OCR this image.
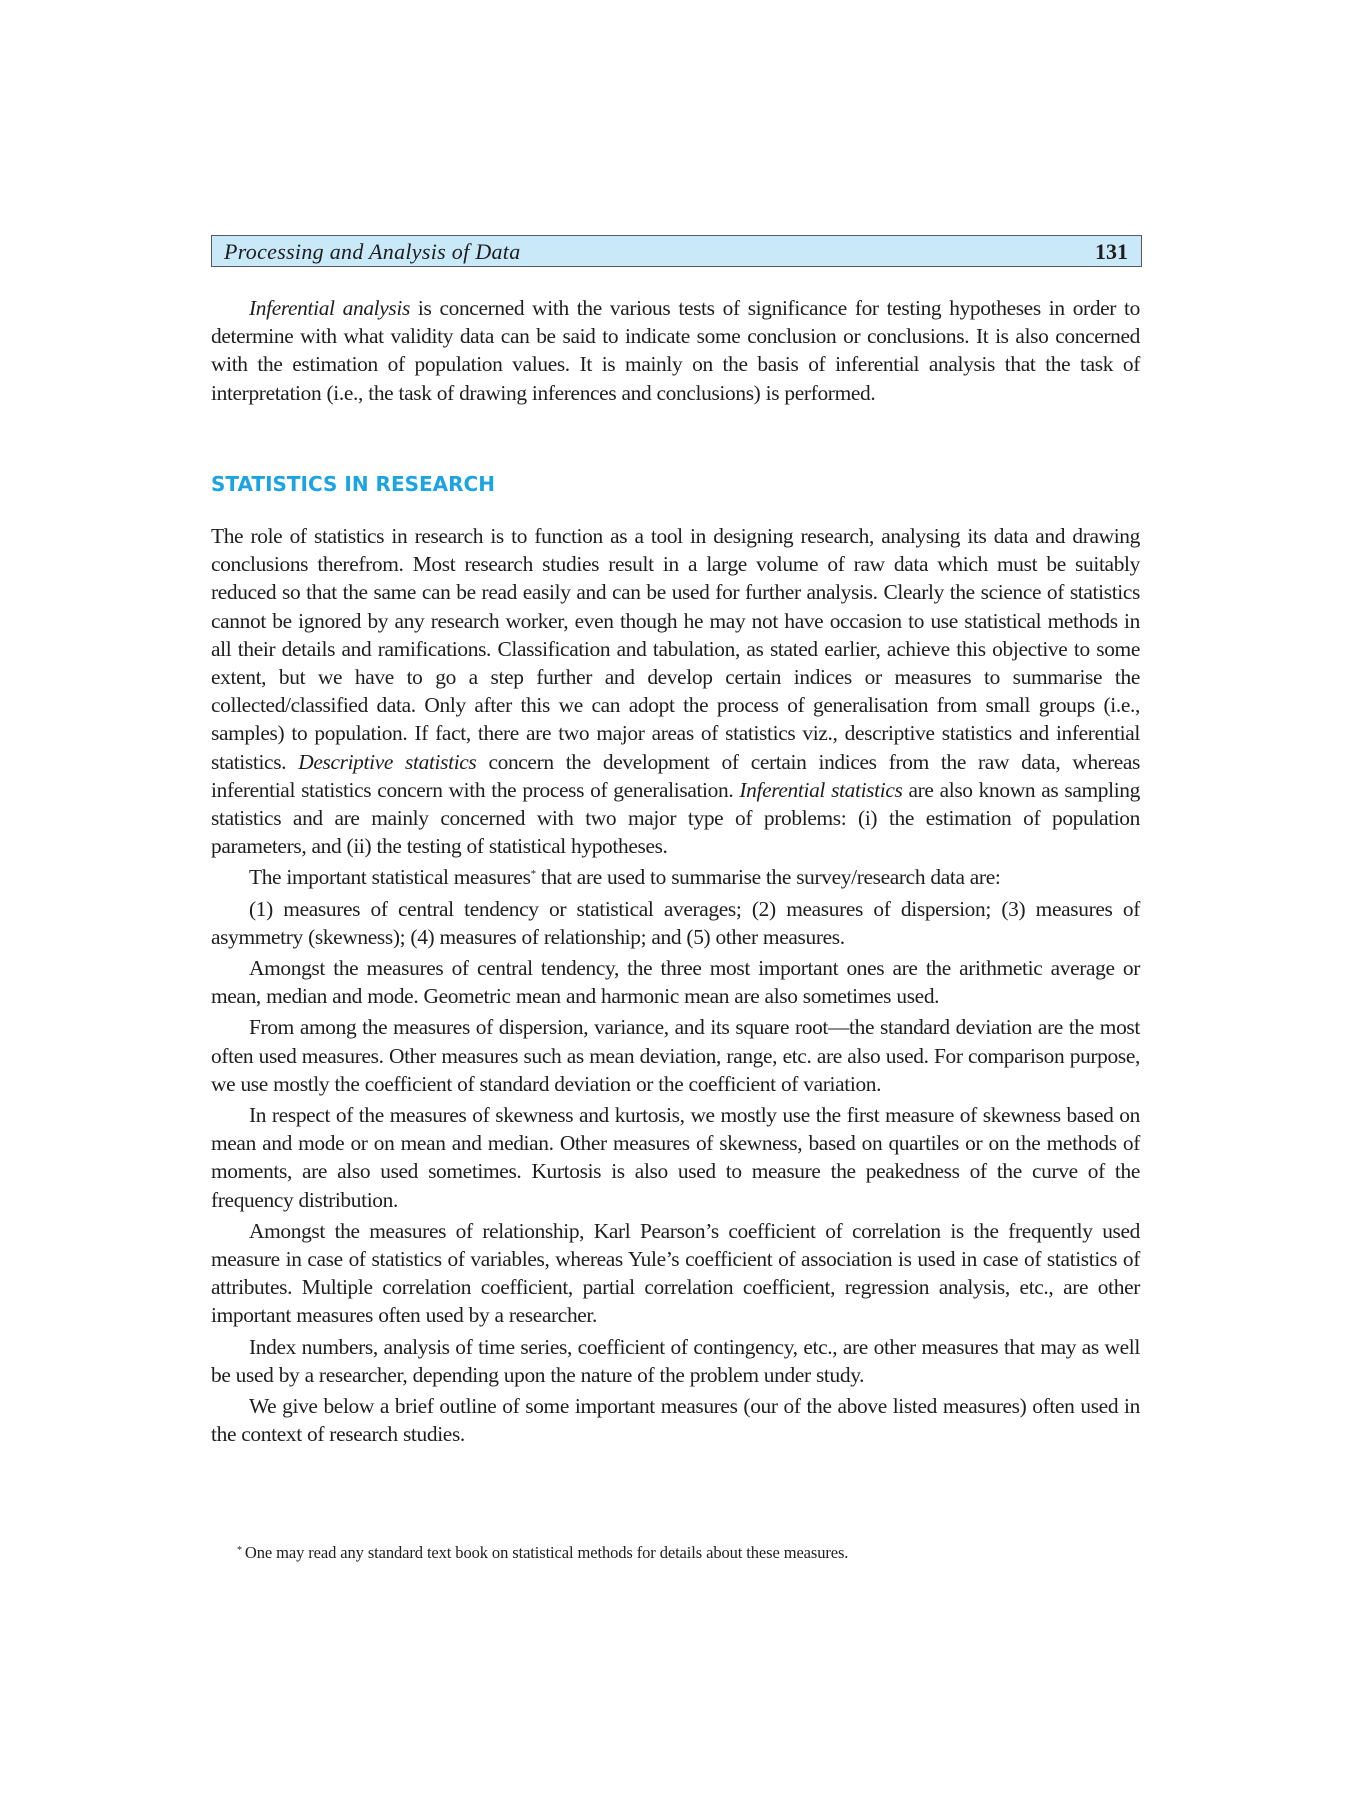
Processing and Analysis of Data	131

Inferential analysis is concerned with the various tests of significance for testing hypotheses in order to determine with what validity data can be said to indicate some conclusion or conclusions. It is also concerned with the estimation of population values. It is mainly on the basis of inferential analysis that the task of interpretation (i.e., the task of drawing inferences and conclusions) is performed.

STATISTICS IN RESEARCH

The role of statistics in research is to function as a tool in designing research, analysing its data and drawing conclusions therefrom. Most research studies result in a large volume of raw data which must be suitably reduced so that the same can be read easily and can be used for further analysis. Clearly the science of statistics cannot be ignored by any research worker, even though he may not have occasion to use statistical methods in all their details and ramifications. Classification and tabulation, as stated earlier, achieve this objective to some extent, but we have to go a step further and develop certain indices or measures to summarise the collected/classified data. Only after this we can adopt the process of generalisation from small groups (i.e., samples) to population. If fact, there are two major areas of statistics viz., descriptive statistics and inferential statistics. Descriptive statistics concern the development of certain indices from the raw data, whereas inferential statistics concern with the process of generalisation. Inferential statistics are also known as sampling statistics and are mainly concerned with two major type of problems: (i) the estimation of population parameters, and (ii) the testing of statistical hypotheses.

The important statistical measures* that are used to summarise the survey/research data are:

(1) measures of central tendency or statistical averages; (2) measures of dispersion; (3) measures of asymmetry (skewness); (4) measures of relationship; and (5) other measures.

Amongst the measures of central tendency, the three most important ones are the arithmetic average or mean, median and mode. Geometric mean and harmonic mean are also sometimes used.

From among the measures of dispersion, variance, and its square root—the standard deviation are the most often used measures. Other measures such as mean deviation, range, etc. are also used. For comparison purpose, we use mostly the coefficient of standard deviation or the coefficient of variation.

In respect of the measures of skewness and kurtosis, we mostly use the first measure of skewness based on mean and mode or on mean and median. Other measures of skewness, based on quartiles or on the methods of moments, are also used sometimes. Kurtosis is also used to measure the peakedness of the curve of the frequency distribution.

Amongst the measures of relationship, Karl Pearson’s coefficient of correlation is the frequently used measure in case of statistics of variables, whereas Yule’s coefficient of association is used in case of statistics of attributes. Multiple correlation coefficient, partial correlation coefficient, regression analysis, etc., are other important measures often used by a researcher.

Index numbers, analysis of time series, coefficient of contingency, etc., are other measures that may as well be used by a researcher, depending upon the nature of the problem under study.

We give below a brief outline of some important measures (our of the above listed measures) often used in the context of research studies.

* One may read any standard text book on statistical methods for details about these measures.
